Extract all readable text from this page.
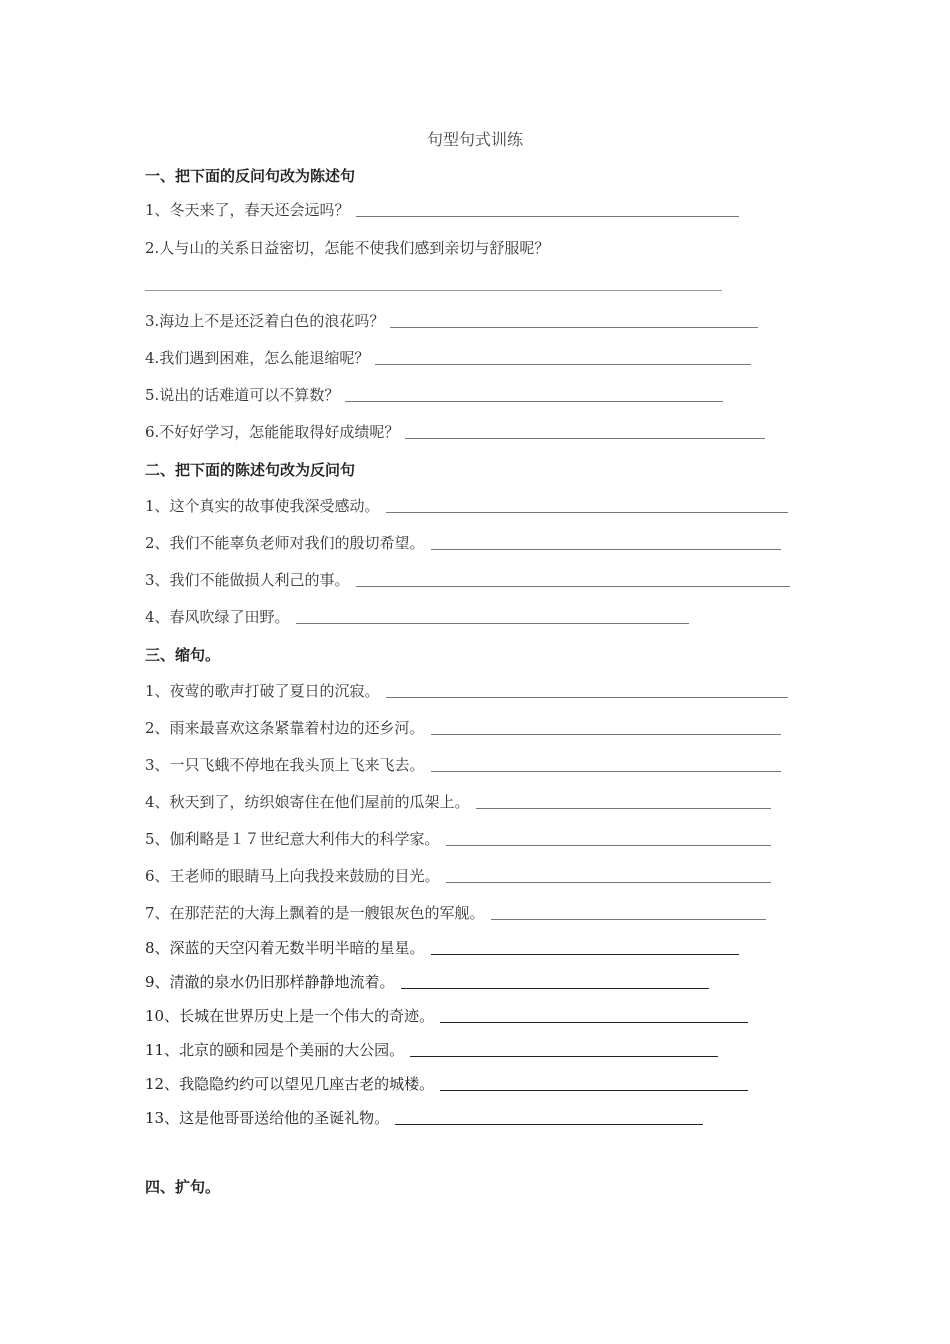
句型句式训练
一、把下面的反问句改为陈述句
1、冬天来了，春天还会远吗？
2.人与山的关系日益密切，怎能不使我们感到亲切与舒服呢？
3.海边上不是还泛着白色的浪花吗？
4.我们遇到困难，怎么能退缩呢？
5.说出的话难道可以不算数？
6.不好好学习，怎能能取得好成绩呢？
二、把下面的陈述句改为反问句
1、这个真实的故事使我深受感动。
2、我们不能辜负老师对我们的殷切希望。
3、我们不能做损人利己的事。
4、春风吹绿了田野。
三、缩句。
1、夜莺的歌声打破了夏日的沉寂。
2、雨来最喜欢这条紧靠着村边的还乡河。
3、一只飞蛾不停地在我头顶上飞来飞去。
4、秋天到了，纺织娘寄住在他们屋前的瓜架上。
5、伽利略是１７世纪意大利伟大的科学家。
6、王老师的眼睛马上向我投来鼓励的目光。
7、在那茫茫的大海上飘着的是一艘银灰色的军舰。
8、深蓝的天空闪着无数半明半暗的星星。
9、清澈的泉水仍旧那样静静地流着。
10、长城在世界历史上是一个伟大的奇迹。
11、北京的颐和园是个美丽的大公园。
12、我隐隐约约可以望见几座古老的城楼。
13、这是他哥哥送给他的圣诞礼物。
四、扩句。
